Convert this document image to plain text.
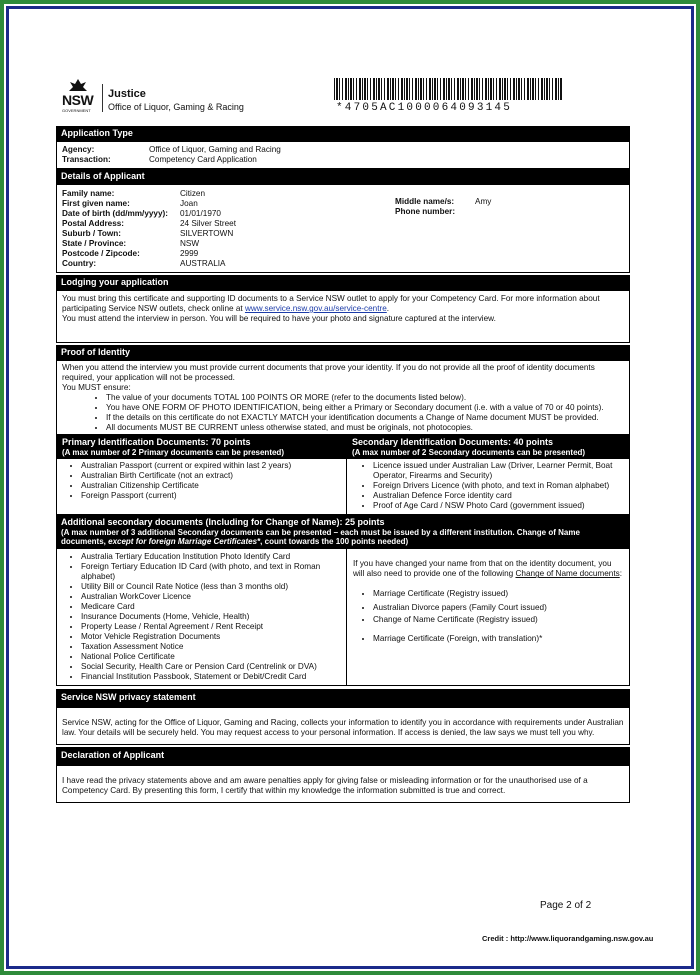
NSW
GOVERNMENT
Justice
Office of Liquor, Gaming & Racing	*4705AC1000064093145
Application Type
Agency:	Office of Liquor, Gaming and Racing
Transaction:	Competency Card Application
Details of Applicant
Family name:	Citizen
First given name:	Joan
Date of birth (dd/mm/yyyy):	01/01/1970
Postal Address:	24 Silver Street
Suburb / Town:	SILVERTOWN
State / Province:	NSW
Postcode / Zipcode:	2999
Country:	AUSTRALIA
Middle name/s:	Amy
Phone number:
Lodging your application
You must bring this certificate and supporting ID documents to a Service NSW outlet to apply for your Competency Card. For more information about participating Service NSW outlets, check online at www.service.nsw.gov.au/service-centre.
You must attend the interview in person. You will be required to have your photo and signature captured at the interview.
Proof of Identity
When you attend the interview you must provide current documents that prove your identity. If you do not provide all the proof of identity documents required, your application will not be processed.
You MUST ensure:
• The value of your documents TOTAL 100 POINTS OR MORE (refer to the documents listed below).
• You have ONE FORM OF PHOTO IDENTIFICATION, being either a Primary or Secondary document (i.e. with a value of 70 or 40 points).
• If the details on this certificate do not EXACTLY MATCH your identification documents a Change of Name document MUST be provided.
• All documents MUST BE CURRENT unless otherwise stated, and must be originals, not photocopies.
Primary Identification Documents: 70 points
(A max number of 2 Primary documents can be presented)
• Australian Passport (current or expired within last 2 years)
• Australian Birth Certificate (not an extract)
• Australian Citizenship Certificate
• Foreign Passport (current)
Secondary Identification Documents: 40 points
(A max number of 2 Secondary documents can be presented)
• Licence issued under Australian Law (Driver, Learner Permit, Boat Operator, Firearms and Security)
• Foreign Drivers Licence (with photo, and text in Roman alphabet)
• Australian Defence Force identity card
• Proof of Age Card / NSW Photo Card (government issued)
Additional secondary documents (Including for Change of Name): 25 points
(A max number of 3 additional Secondary documents can be presented – each must be issued by a different institution. Change of Name documents, except for foreign Marriage Certificates*, count towards the 100 points needed)
• Australia Tertiary Education Institution Photo Identify Card
• Foreign Tertiary Education ID Card (with photo, and text in Roman alphabet)
• Utility Bill or Council Rate Notice (less than 3 months old)
• Australian WorkCover Licence
• Medicare Card
• Insurance Documents (Home, Vehicle, Health)
• Property Lease / Rental Agreement / Rent Receipt
• Motor Vehicle Registration Documents
• Taxation Assessment Notice
• National Police Certificate
• Social Security, Health Care or Pension Card (Centrelink or DVA)
• Financial Institution Passbook, Statement or Debit/Credit Card
If you have changed your name from that on the identity document, you will also need to provide one of the following Change of Name documents:
• Marriage Certificate (Registry issued)
• Australian Divorce papers (Family Court issued)
• Change of Name Certificate (Registry issued)
• Marriage Certificate (Foreign, with translation)*
Service NSW privacy statement
Service NSW, acting for the Office of Liquor, Gaming and Racing, collects your information to identify you in accordance with requirements under Australian law. Your details will be securely held. You may request access to your personal information. If access is denied, the law says we must tell you why.
Declaration of Applicant
I have read the privacy statements above and am aware penalties apply for giving false or misleading information or for the unauthorised use of a Competency Card. By presenting this form, I certify that within my knowledge the information submitted is true and correct.
Page 2 of 2
Credit : http://www.liquorandgaming.nsw.gov.au
